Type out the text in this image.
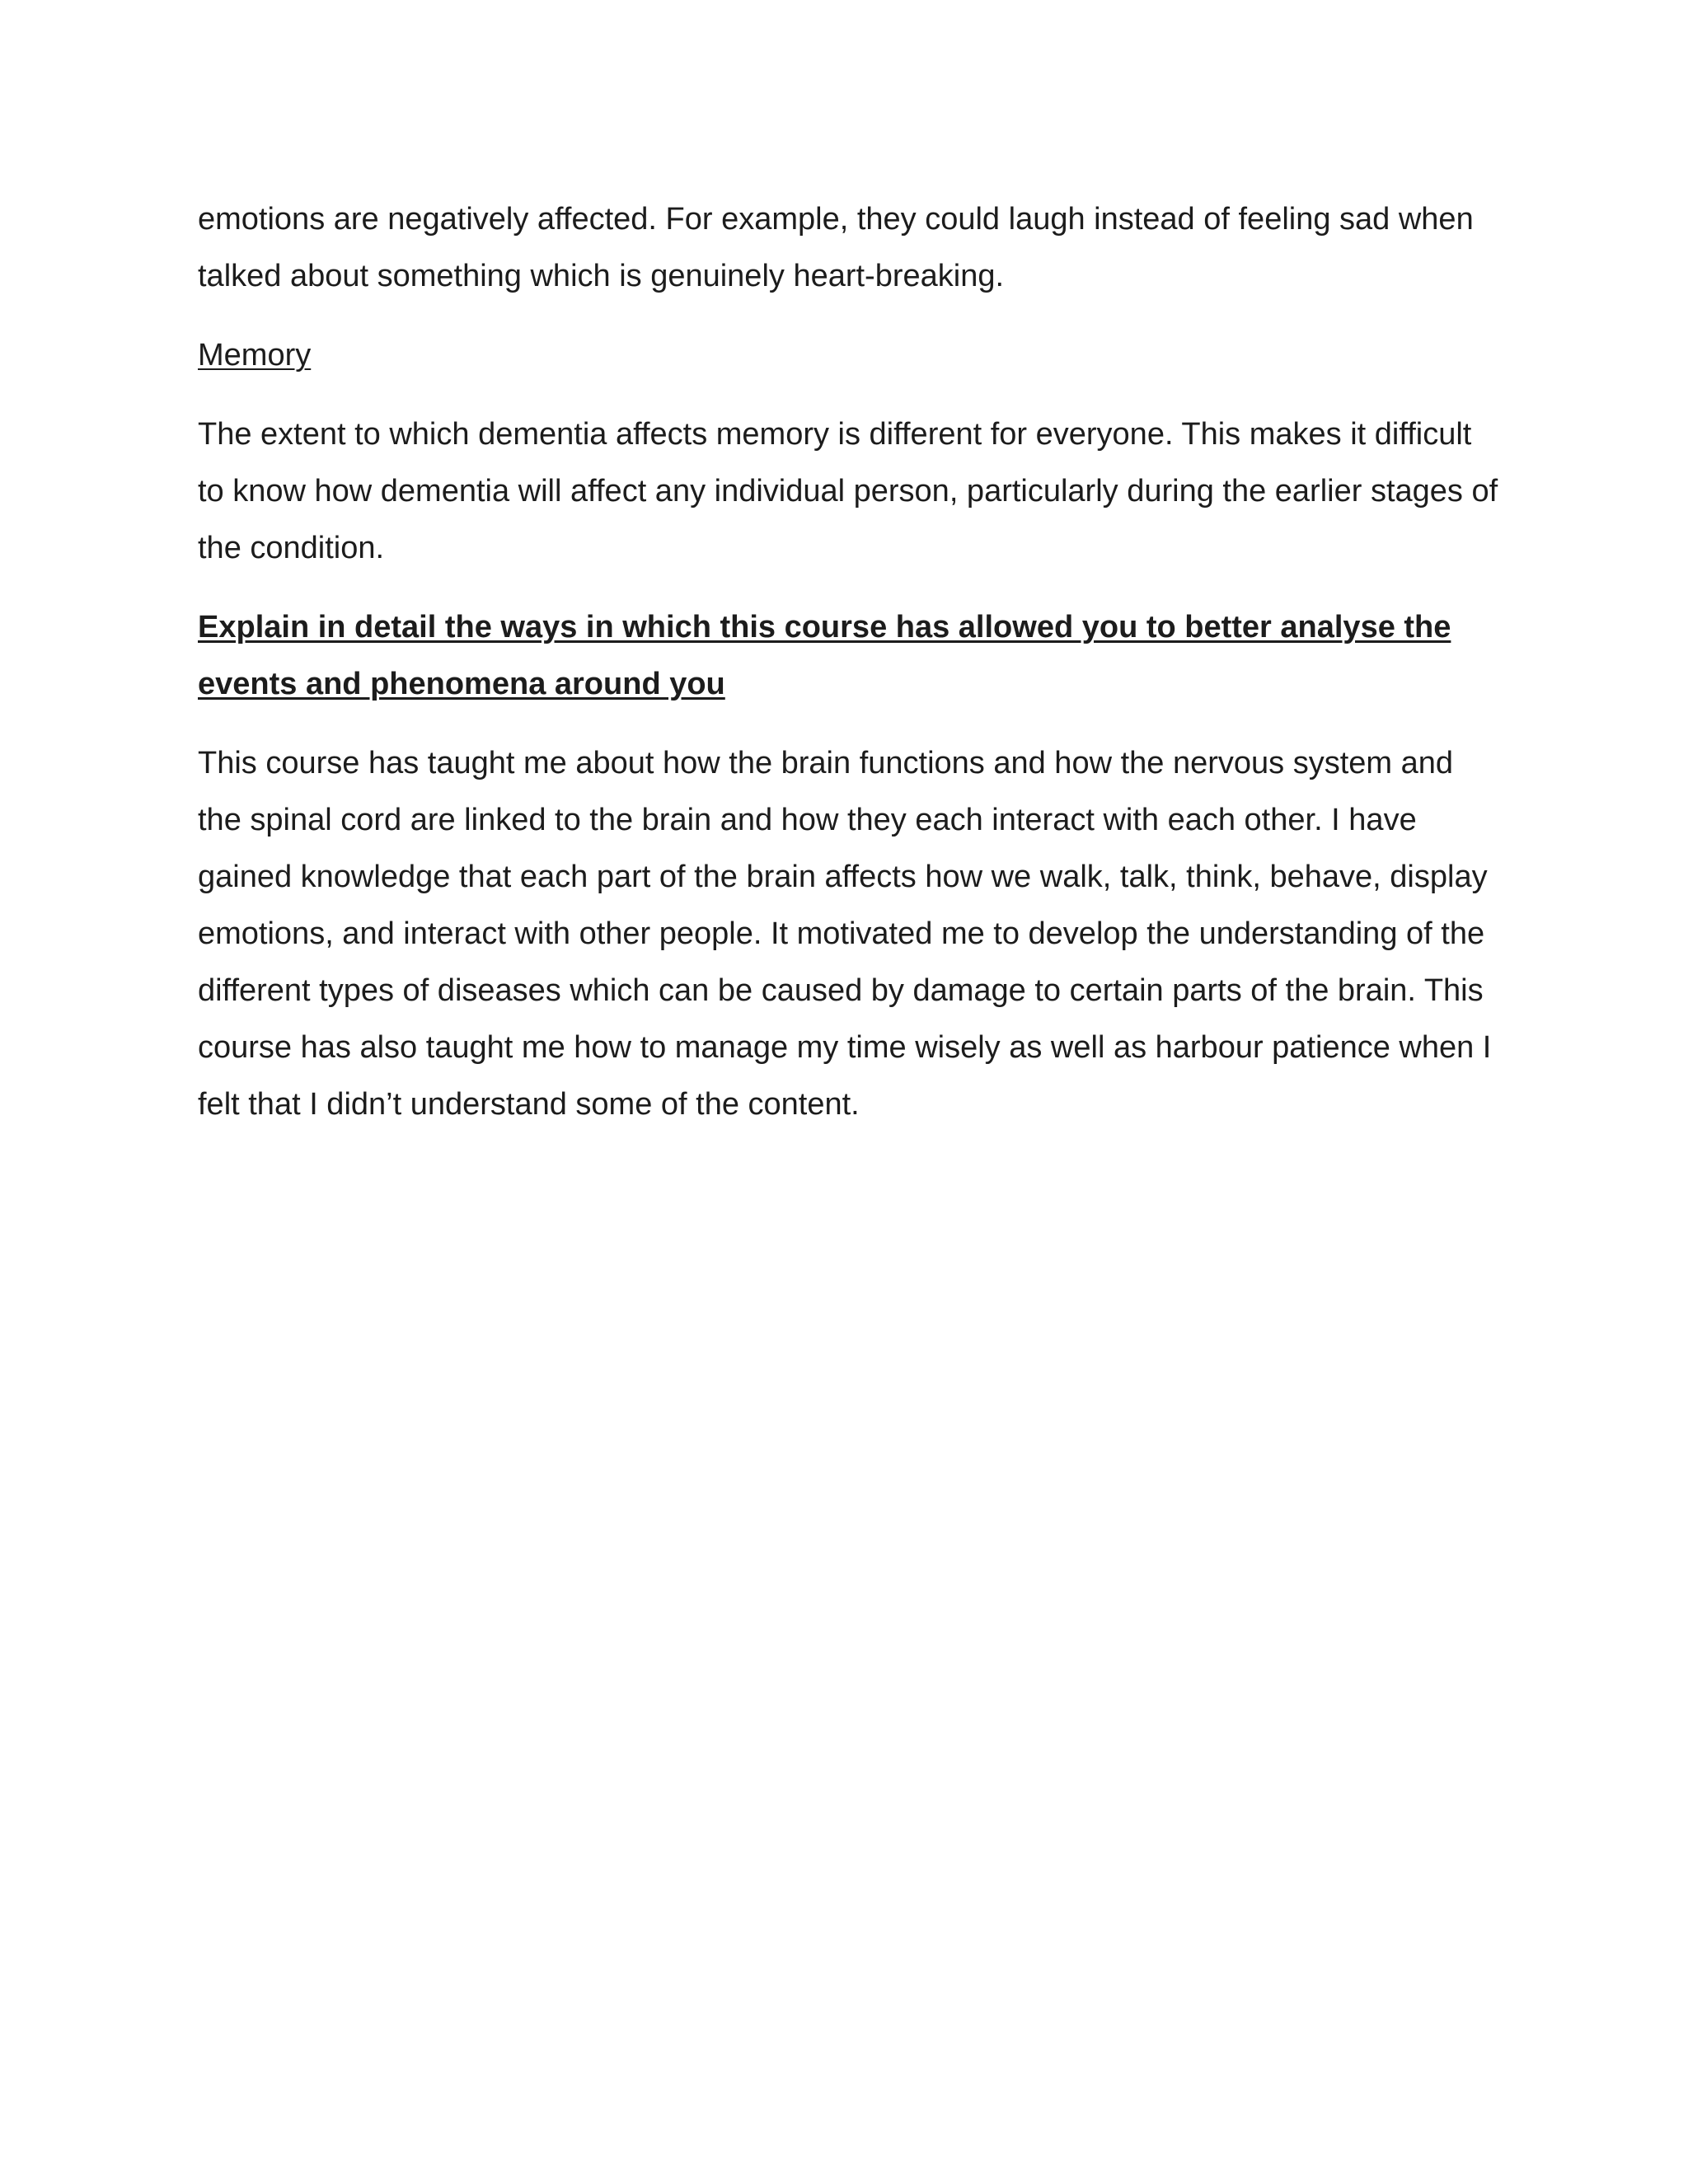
emotions are negatively affected. For example, they could laugh instead of feeling sad when talked about something which is genuinely heart-breaking.

Memory

The extent to which dementia affects memory is different for everyone. This makes it difficult to know how dementia will affect any individual person, particularly during the earlier stages of the condition.

Explain in detail the ways in which this course has allowed you to better analyse the events and phenomena around you

This course has taught me about how the brain functions and how the nervous system and the spinal cord are linked to the brain and how they each interact with each other. I have gained knowledge that each part of the brain affects how we walk, talk, think, behave, display emotions, and interact with other people. It motivated me to develop the understanding of the different types of diseases which can be caused by damage to certain parts of the brain. This course has also taught me how to manage my time wisely as well as harbour patience when I felt that I didn’t understand some of the content.
